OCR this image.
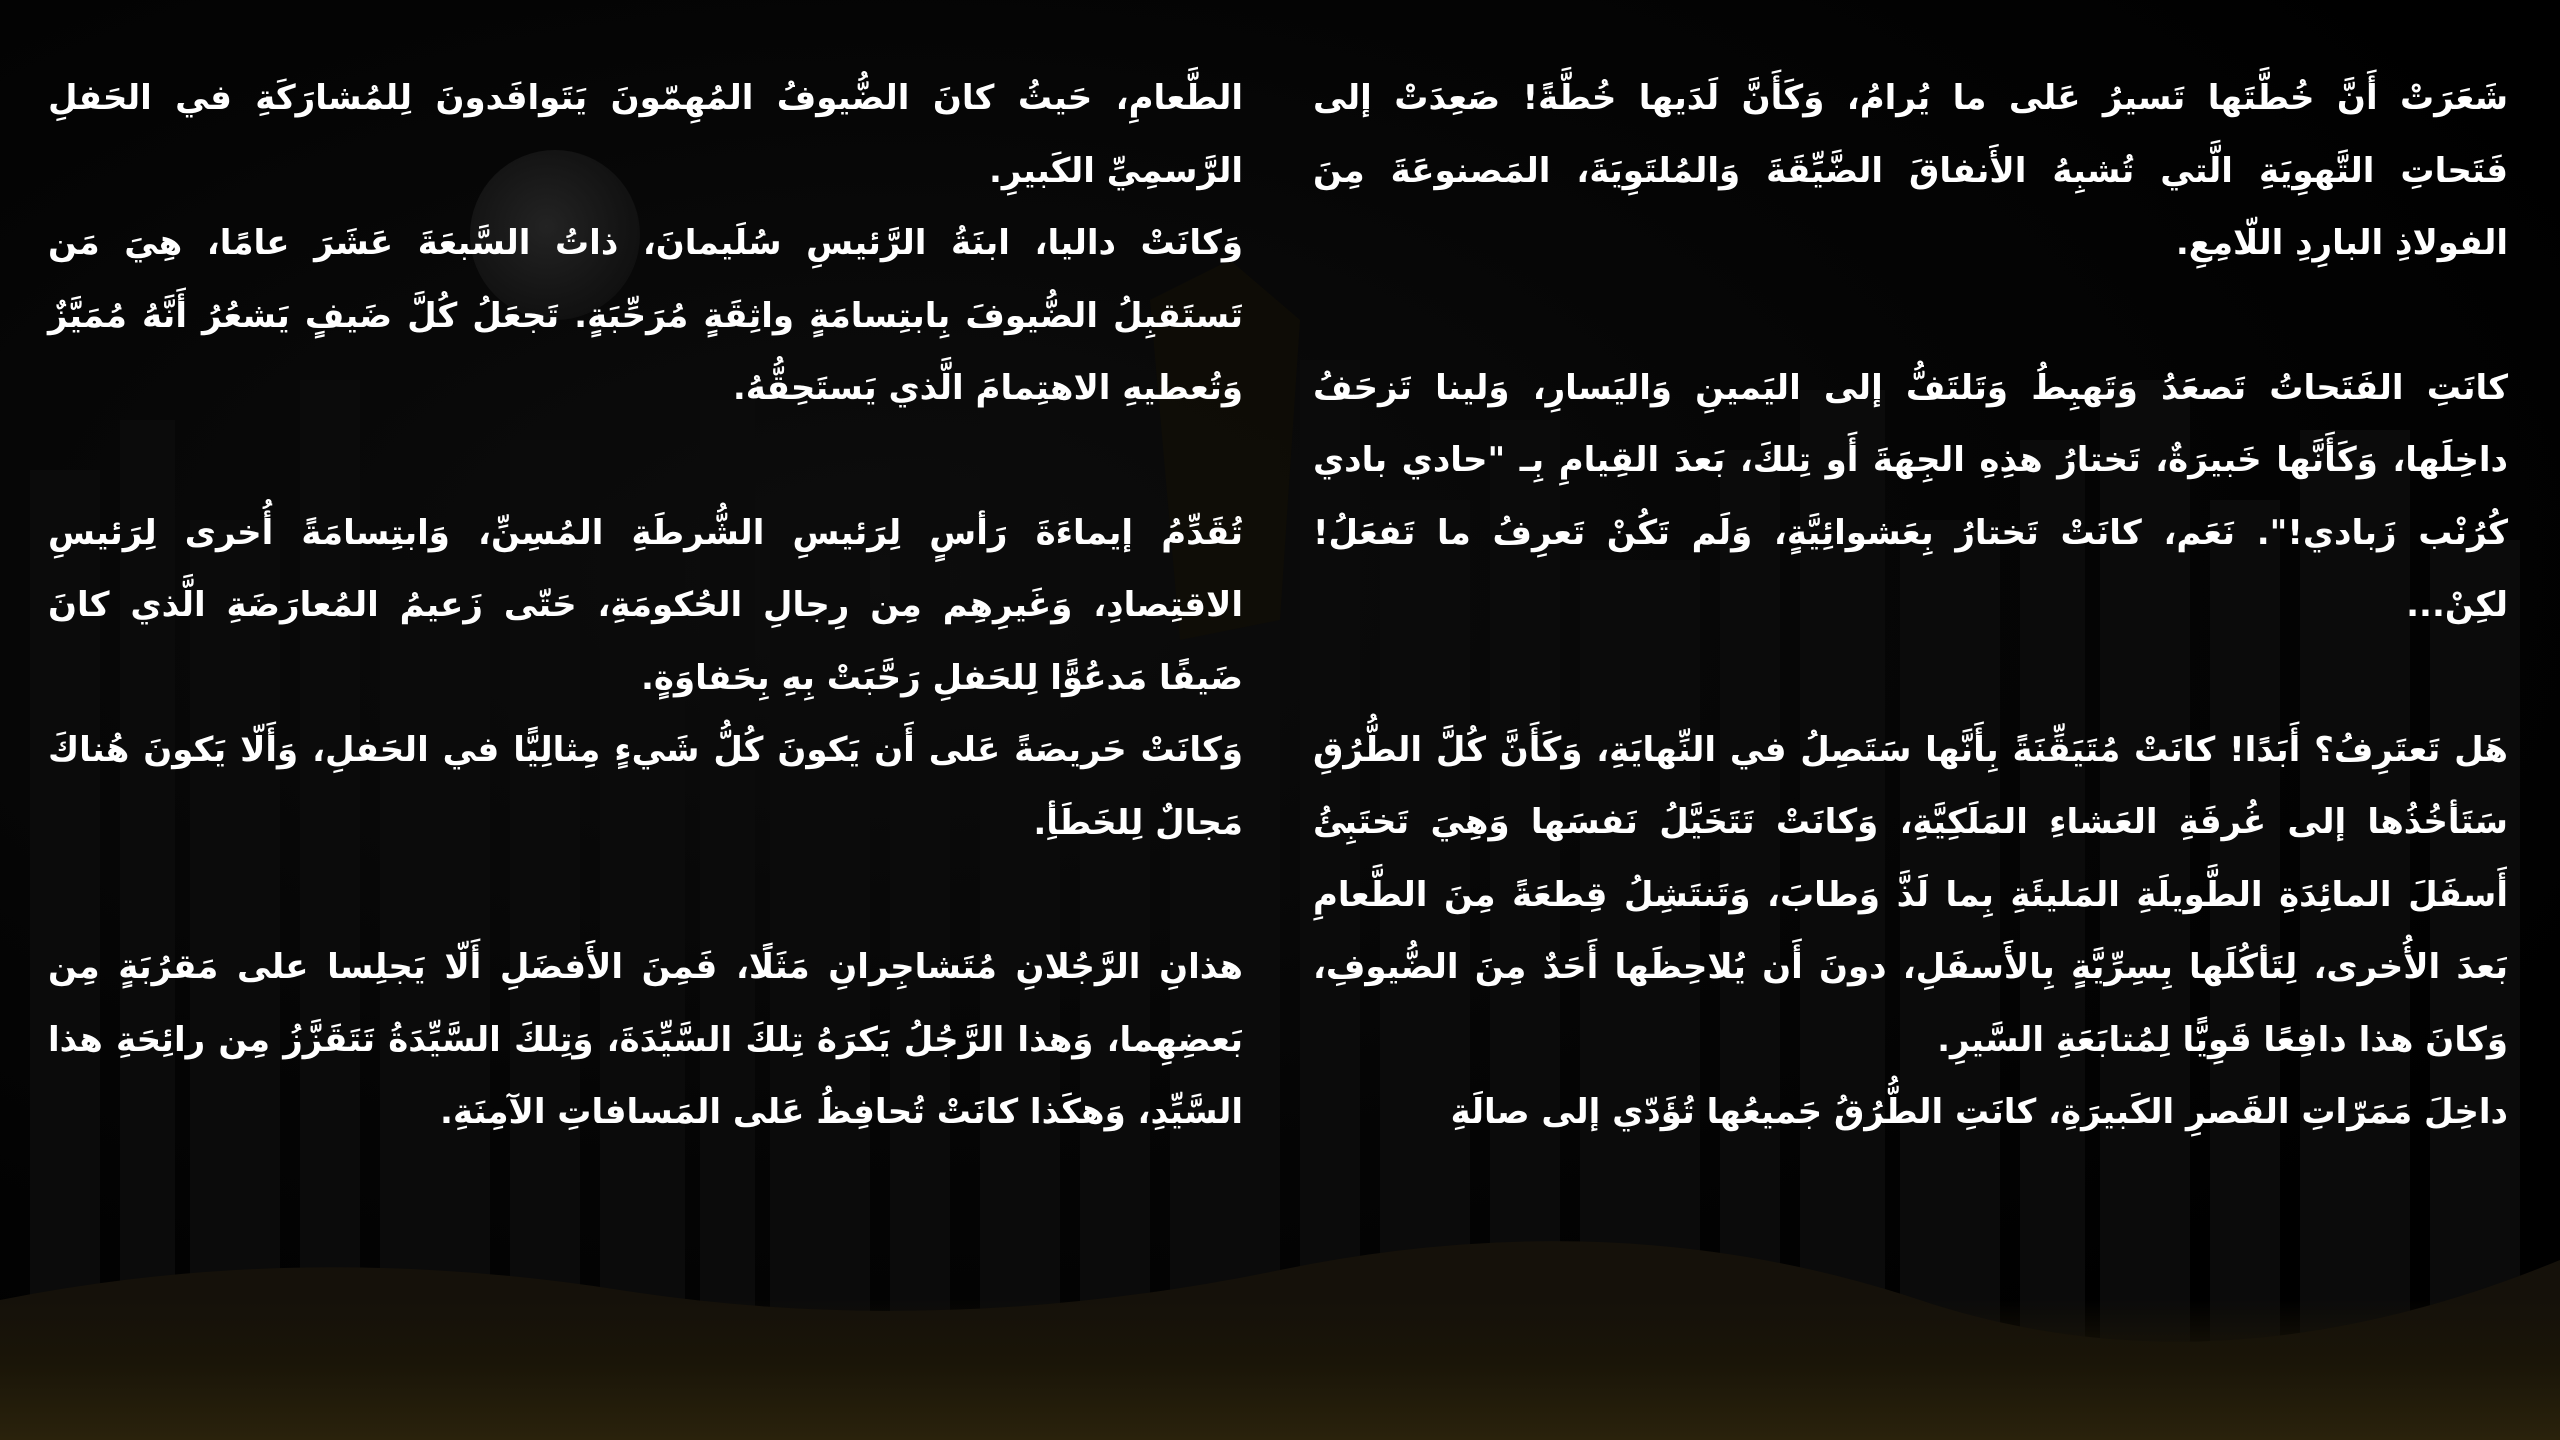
شَعَرَتْ أَنَّ خُطَّتَها تَسيرُ عَلى ما يُرامُ، وَكَأَنَّ لَدَيها خُطَّةً! صَعِدَتْ إلى فَتَحاتِ التَّهوِيَةِ الَّتي تُشبِهُ الأَنفاقَ الضَّيِّقَةَ وَالمُلتَوِيَةَ، المَصنوعَةَ مِنَ الفولاذِ البارِدِ اللّامِعِ.

كانَتِ الفَتَحاتُ تَصعَدُ وَتَهبِطُ وَتَلتَفُّ إلى اليَمينِ وَاليَسارِ، وَلينا تَزحَفُ داخِلَها، وَكَأَنَّها خَبيرَةٌ، تَختارُ هذِهِ الجِهَةَ أَو تِلكَ، بَعدَ القِيامِ بِـ "حادي بادي كُرُنْب زَبادي!". نَعَم، كانَتْ تَختارُ بِعَشوائِيَّةٍ، وَلَم تَكُنْ تَعرِفُ ما تَفعَلُ! لكِنْ...

هَل تَعتَرِفُ؟ أَبَدًا! كانَتْ مُتَيَقِّنَةً بِأَنَّها سَتَصِلُ في النِّهايَةِ، وَكَأَنَّ كُلَّ الطُّرُقِ سَتَأخُذُها إلى غُرفَةِ العَشاءِ المَلَكِيَّةِ، وَكانَتْ تَتَخَيَّلُ نَفسَها وَهِيَ تَختَبِئُ أَسفَلَ المائِدَةِ الطَّويلَةِ المَليئَةِ بِما لَذَّ وَطابَ، وَتَنتَشِلُ قِطعَةً مِنَ الطَّعامِ بَعدَ الأُخرى، لِتَأكُلَها بِسِرِّيَّةٍ بِالأَسفَلِ، دونَ أَن يُلاحِظَها أَحَدٌ مِنَ الضُّيوفِ، وَكانَ هذا دافِعًا قَوِيًّا لِمُتابَعَةِ السَّيرِ.

داخِلَ مَمَرّاتِ القَصرِ الكَبيرَةِ، كانَتِ الطُّرُقُ جَميعُها تُؤَدّي إلى صالَةِ

الطَّعامِ، حَيثُ كانَ الضُّيوفُ المُهِمّونَ يَتَوافَدونَ لِلمُشارَكَةِ في الحَفلِ الرَّسمِيِّ الكَبيرِ.

وَكانَتْ داليا، ابنَةُ الرَّئيسِ سُلَيمانَ، ذاتُ السَّبعَةَ عَشَرَ عامًا، هِيَ مَن تَستَقبِلُ الضُّيوفَ بِابتِسامَةٍ واثِقَةٍ مُرَحِّبَةٍ. تَجعَلُ كُلَّ ضَيفٍ يَشعُرُ أَنَّهُ مُمَيَّزٌ وَتُعطيهِ الاهتِمامَ الَّذي يَستَحِقُّهُ.

تُقَدِّمُ إيماءَةَ رَأسٍ لِرَئيسِ الشُّرطَةِ المُسِنِّ، وَابتِسامَةً أُخرى لِرَئيسِ الاقتِصادِ، وَغَيرِهِم مِن رِجالِ الحُكومَةِ، حَتّى زَعيمُ المُعارَضَةِ الَّذي كانَ ضَيفًا مَدعُوًّا لِلحَفلِ رَحَّبَتْ بِهِ بِحَفاوَةٍ.

وَكانَتْ حَريصَةً عَلى أَن يَكونَ كُلُّ شَيءٍ مِثالِيًّا في الحَفلِ، وَأَلّا يَكونَ هُناكَ مَجالٌ لِلخَطَأِ.

هذانِ الرَّجُلانِ مُتَشاجِرانِ مَثَلًا، فَمِنَ الأَفضَلِ أَلّا يَجلِسا على مَقرُبَةٍ مِن بَعضِهِما، وَهذا الرَّجُلُ يَكرَهُ تِلكَ السَّيِّدَةَ، وَتِلكَ السَّيِّدَةُ تَتَقَزَّزُ مِن رائِحَةِ هذا السَّيِّدِ، وَهكَذا كانَتْ تُحافِظُ عَلى المَسافاتِ الآمِنَةِ.
